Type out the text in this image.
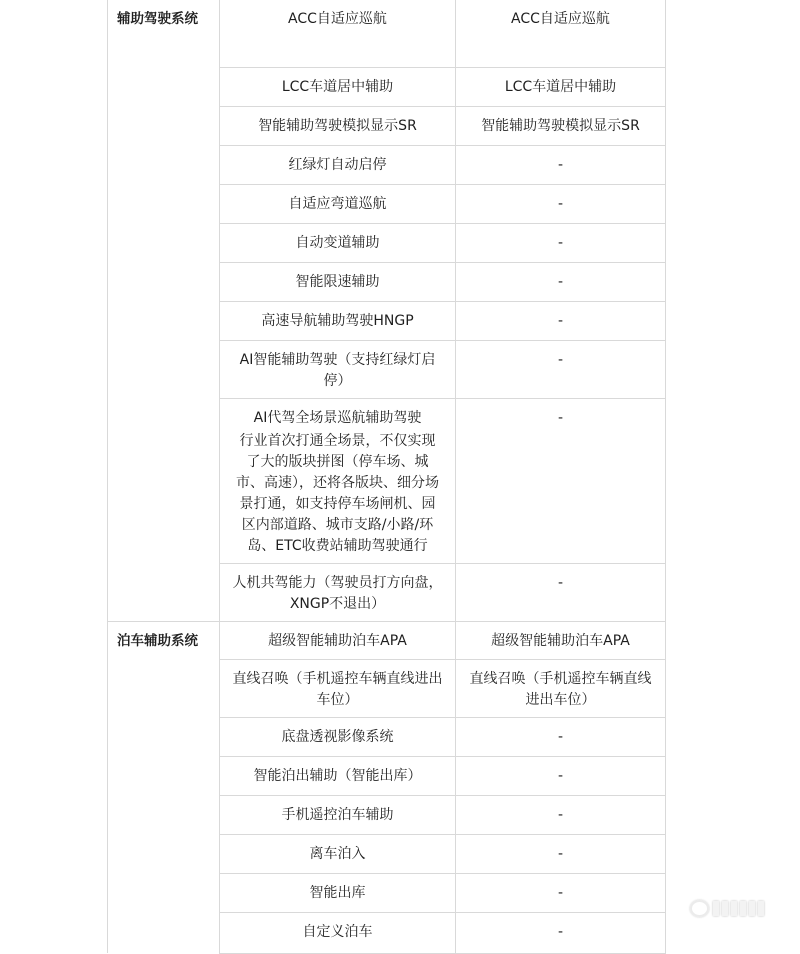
辅助驾驶系统	ACC自适应巡航	ACC自适应巡航
	LCC车道居中辅助	LCC车道居中辅助
	智能辅助驾驶模拟显示SR	智能辅助驾驶模拟显示SR
	红绿灯自动启停	-
	自适应弯道巡航	-
	自动变道辅助	-
	智能限速辅助	-
	高速导航辅助驾驶HNGP	-
	AI智能辅助驾驶（支持红绿灯启停）	-
	AI代驾全场景巡航辅助驾驶
行业首次打通全场景，不仅实现了大的版块拼图（停车场、城市、高速），还将各版块、细分场景打通，如支持停车场闸机、园区内部道路、城市支路/小路/环岛、ETC收费站辅助驾驶通行	-
	人机共驾能力（驾驶员打方向盘，XNGP不退出）	-
泊车辅助系统	超级智能辅助泊车APA	超级智能辅助泊车APA
	直线召唤（手机遥控车辆直线进出车位）	直线召唤（手机遥控车辆直线进出车位）
	底盘透视影像系统	-
	智能泊出辅助（智能出库）	-
	手机遥控泊车辅助	-
	离车泊入	-
	智能出库	-
	自定义泊车	-
